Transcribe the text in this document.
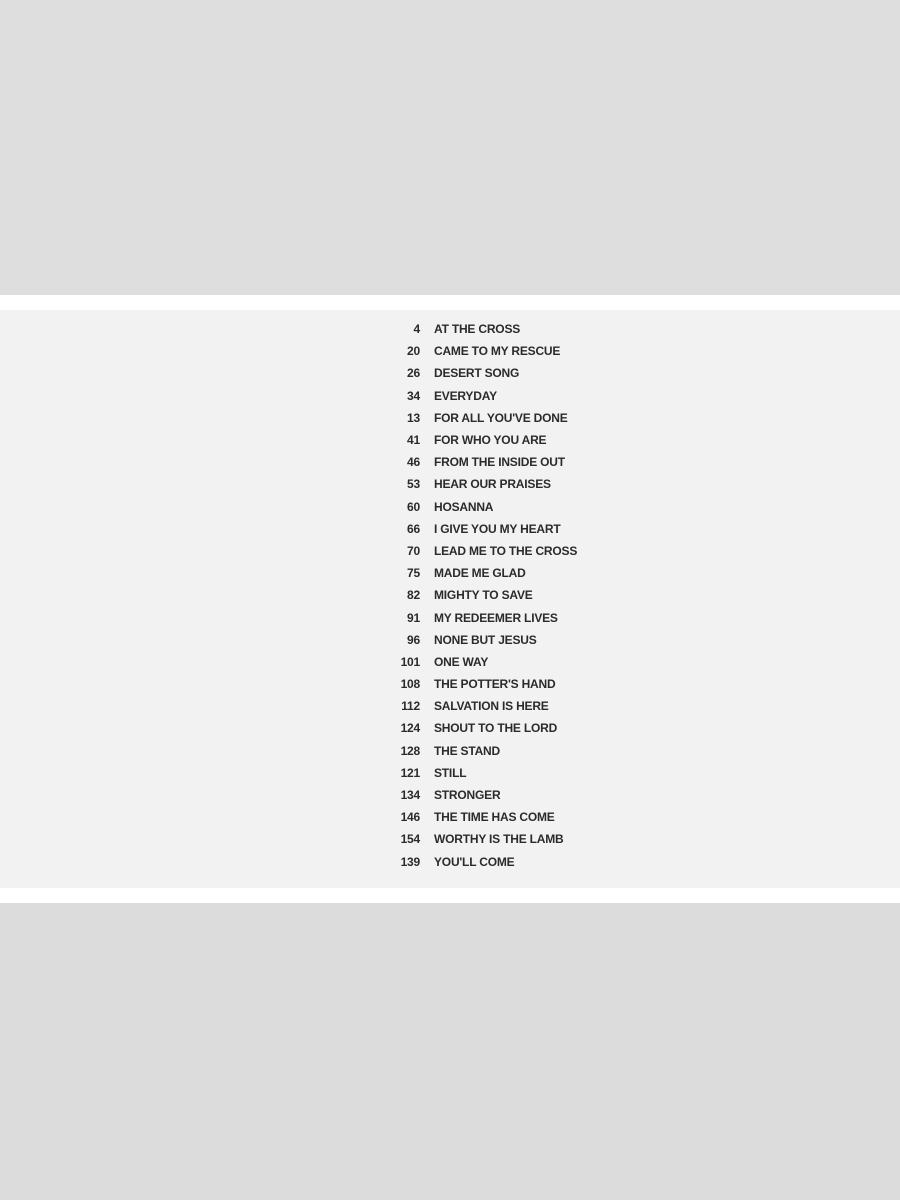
4	AT THE CROSS
20	CAME TO MY RESCUE
26	DESERT SONG
34	EVERYDAY
13	FOR ALL YOU'VE DONE
41	FOR WHO YOU ARE
46	FROM THE INSIDE OUT
53	HEAR OUR PRAISES
60	HOSANNA
66	I GIVE YOU MY HEART
70	LEAD ME TO THE CROSS
75	MADE ME GLAD
82	MIGHTY TO SAVE
91	MY REDEEMER LIVES
96	NONE BUT JESUS
101	ONE WAY
108	THE POTTER'S HAND
112	SALVATION IS HERE
124	SHOUT TO THE LORD
128	THE STAND
121	STILL
134	STRONGER
146	THE TIME HAS COME
154	WORTHY IS THE LAMB
139	YOU'LL COME
